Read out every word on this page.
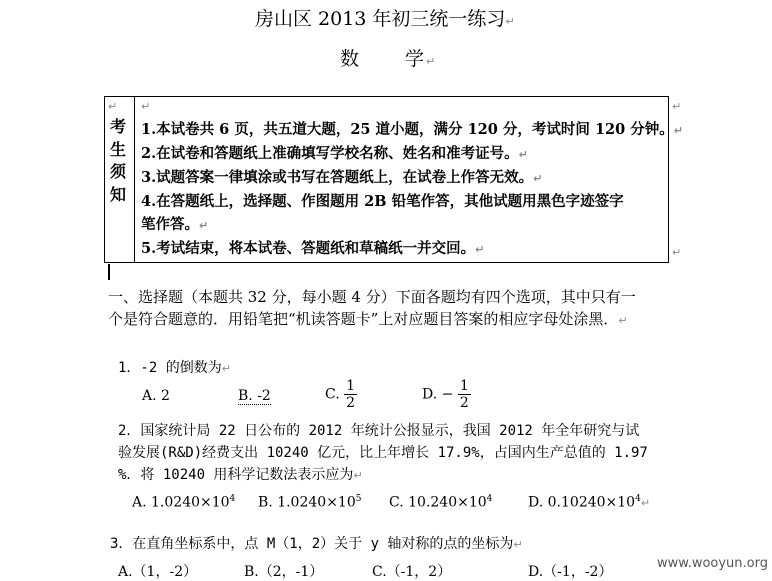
房山区 2013 年初三统一练习↵
数 学↵
↵ ↵	↵
↵
考
生
须
知
1.本试卷共 6 页，共五道大题，25 道小题，满分 120 分，考试时间 120 分钟。↵
2.在试卷和答题纸上准确填写学校名称、姓名和准考证号。↵
3.试题答案一律填涂或书写在答题纸上，在试卷上作答无效。↵
4.在答题纸上，选择题、作图题用 2B 铅笔作答，其他试题用黑色字迹签字
笔作答。↵
5.考试结束，将本试卷、答题纸和草稿纸一并交回。↵
一、选择题（本题共 32 分，每小题 4 分）下面各题均有四个选项，其中只有一
个是符合题意的．用铅笔把“机读答题卡”上对应题目答案的相应字母处涂黑．↵
1．-2 的倒数为↵
A. 2	B. -2	C. $\frac{1}{2}$	D. − $\frac{1}{2}$
2．国家统计局 22 日公布的 2012 年统计公报显示，我国 2012 年全年研究与试
验发展(R&D)经费支出 10240 亿元，比上年增长 17.9%，占国内生产总值的 1.97
%．将 10240 用科学记数法表示应为↵
A. $1.0240\times 10^4$ B. $1.0240\times 10^5$ C. $10.240\times 10^4$	D. $0.10240\times 10^4↵$
3．在直角坐标系中，点 M（1，2）关于 y 轴对称的点的坐标为↵
A.（1，-2）	B.（2，-1）	C.（-1，2）	D.（-1，-2）
www.wooyun.org
